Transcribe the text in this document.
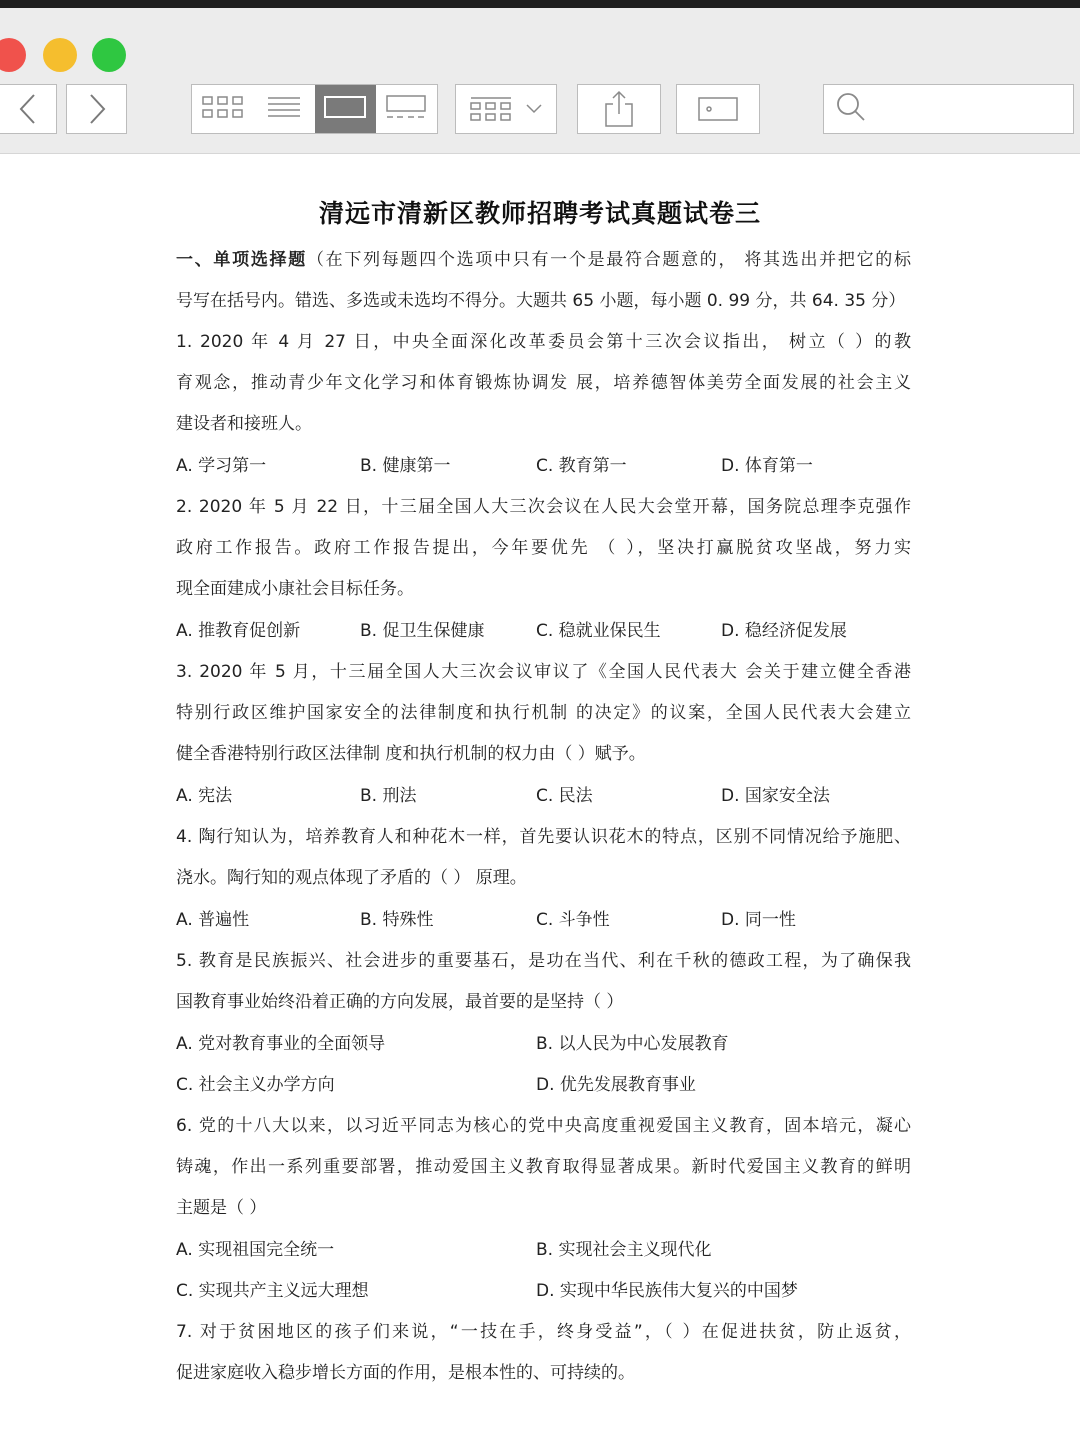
清远市清新区教师招聘考试真题试卷三
一、单项选择题（在下列每题四个选项中只有一个是最符合题意的， 将其选出并把它的标
号写在括号内。错选、多选或未选均不得分。大题共 65 小题，每小题 0. 99 分，共 64. 35 分）
1. 2020 年 4 月 27 日，中央全面深化改革委员会第十三次会议指出， 树立（ ）的教
育观念，推动青少年文化学习和体育锻炼协调发 展，培养德智体美劳全面发展的社会主义
建设者和接班人。
A. 学习第一	B. 健康第一	C. 教育第一	D. 体育第一
2. 2020 年 5 月 22 日，十三届全国人大三次会议在人民大会堂开幕，国务院总理李克强作
政府工作报告。政府工作报告提出，今年要优先 （ ），坚决打赢脱贫攻坚战，努力实
现全面建成小康社会目标任务。
A. 推教育促创新	B. 促卫生保健康	C. 稳就业保民生	D. 稳经济促发展
3. 2020 年 5 月，十三届全国人大三次会议审议了《全国人民代表大 会关于建立健全香港
特别行政区维护国家安全的法律制度和执行机制 的决定》的议案，全国人民代表大会建立
健全香港特别行政区法律制 度和执行机制的权力由（ ）赋予。
A. 宪法	B. 刑法	C. 民法	D. 国家安全法
4. 陶行知认为，培养教育人和种花木一样，首先要认识花木的特点，区别不同情况给予施肥、
浇水。陶行知的观点体现了矛盾的（ ） 原理。
A. 普遍性	B. 特殊性	C. 斗争性	D. 同一性
5. 教育是民族振兴、社会进步的重要基石，是功在当代、利在千秋的德政工程，为了确保我
国教育事业始终沿着正确的方向发展，最首要的是坚持（ ）
A. 党对教育事业的全面领导	B. 以人民为中心发展教育
C. 社会主义办学方向	D. 优先发展教育事业
6. 党的十八大以来，以习近平同志为核心的党中央高度重视爱国主义教育，固本培元，凝心
铸魂，作出一系列重要部署，推动爱国主义教育取得显著成果。新时代爱国主义教育的鲜明
主题是（ ）
A. 实现祖国完全统一	B. 实现社会主义现代化
C. 实现共产主义远大理想	D. 实现中华民族伟大复兴的中国梦
7. 对于贫困地区的孩子们来说，“一技在手，终身受益”，（ ）在促进扶贫，防止返贫，
促进家庭收入稳步增长方面的作用，是根本性的、可持续的。
